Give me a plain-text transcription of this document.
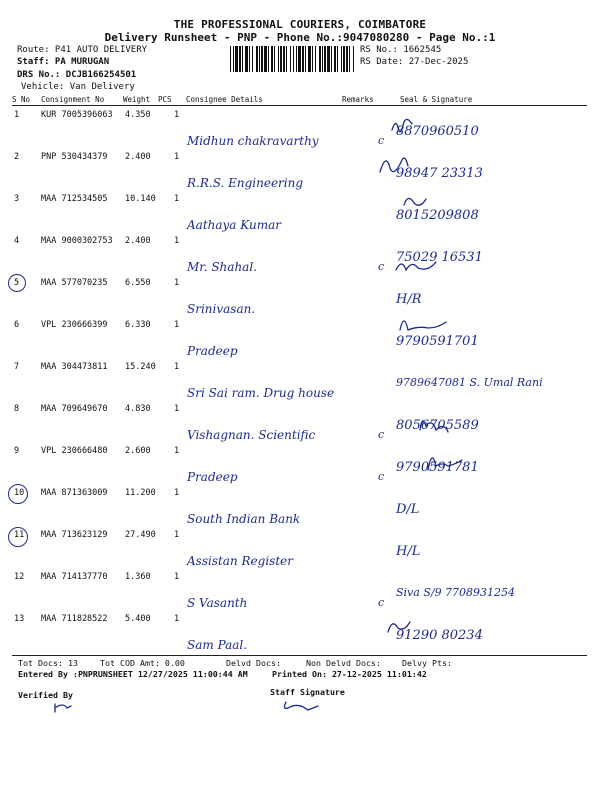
THE PROFESSIONAL COURIERS, COIMBATORE
Delivery Runsheet - PNP - Phone No.:9047080280 - Page No.:1
Route: P41 AUTO DELIVERY
Staff: PA MURUGAN
DRS No.: DCJB166254501
Vehicle: Van Delivery
RS No.: 1662545
RS Date: 27-Dec-2025
S No Consignment No	Weight PCS Consignee Details	Remarks	Seal & Signature
1	KUR 7005396063 4.350	1
Midhun chakravarthy	c
8870960510
2	PNP 530434379 2.400	1
R.R.S. Engineering
98947 23313
3	MAA 712534505 10.140 1
Aathaya Kumar
8015209808
4	MAA 9000302753 2.400	1
Mr. Shahal.	c
75029 16531
5	MAA 577070235 6.550	1
Srinivasan.
H/R
6	VPL 230666399 6.330	1
Pradeep
9790591701
7	MAA 304473811 15.240 1
Sri Sai ram. Drug house
9789647081 S. Umal Rani
8	MAA 709649670 4.830	1
Vishagnan. Scientific	c
8056705589
9	VPL 230666480 2.600	1
Pradeep	c
9790591781
10 MAA 871363009 11.200 1
South Indian Bank
D/L
11 MAA 713623129 27.490 1
Assistan Register
H/L
12 MAA 714137770 1.360	1
S Vasanth	c
Siva S/9 7708931254
13 MAA 711828522 5.400	1
Sam Paal.
91290 80234
Tot Docs: 13	Tot COD Amt: 0.00	Delvd Docs:	Non Delvd Docs:	Delvy Pts:
Entered By :PNPRUNSHEET 12/27/2025 11:00:44 AM	Printed On: 27-12-2025 11:01:42
Verified By	Staff Signature
